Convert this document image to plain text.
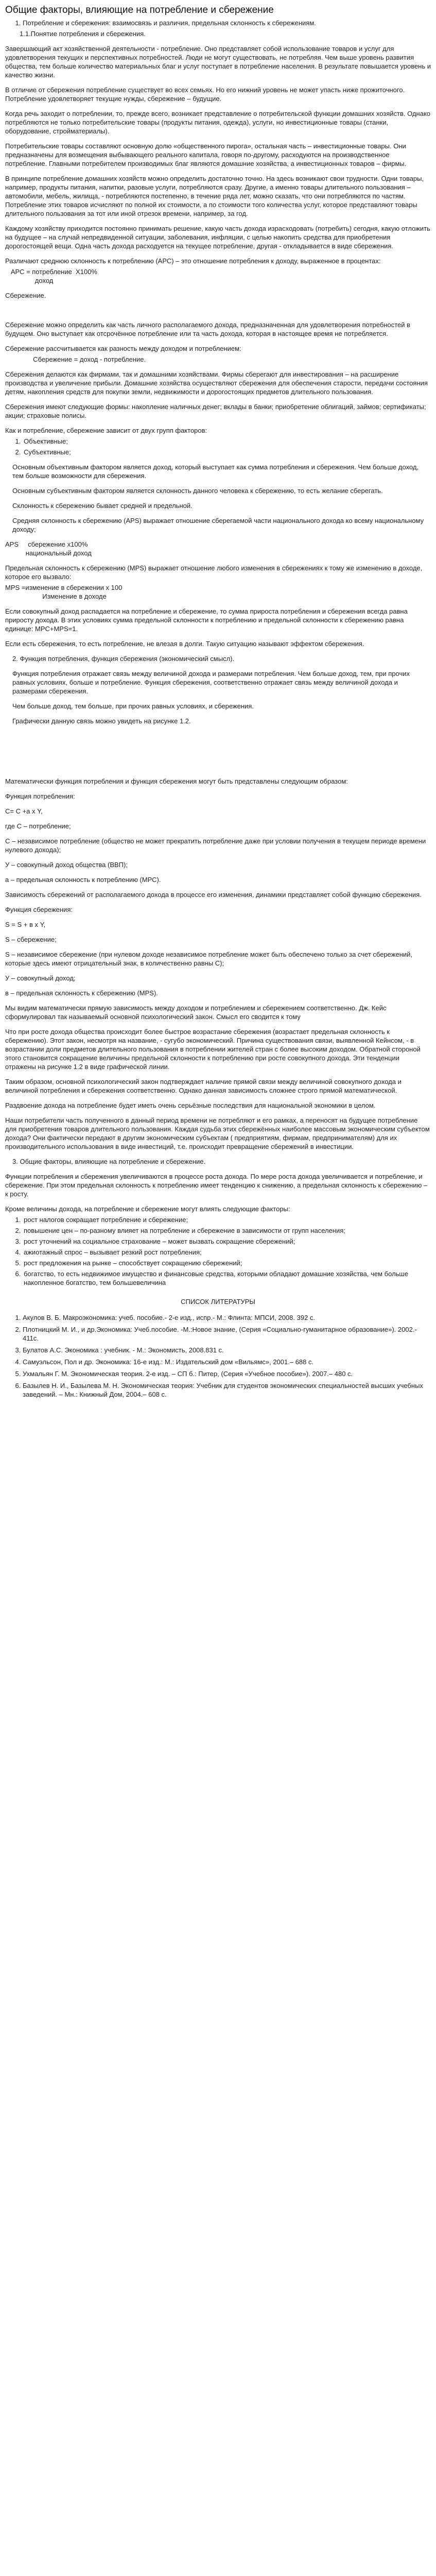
Общие факторы, влияющие на потребление и сбережение
1. Потребление и сбережения: взаимосвязь и различия, предельная склонность к сбережениям.
1.1.Понятие потребления и сбережения.
Завершающий акт хозяйственной деятельности - потребление. Оно представляет собой использование товаров и услуг для удовлетворения текущих и перспективных потребностей. Люди не могут существовать, не потребляя. Чем выше уровень развития общества, тем больше количество материальных благ и услуг поступает в потребление населения. В результате повышается уровень и качество жизни.
В отличие от сбережения потребление существует во всех семьях. Но его нижний уровень не может упасть ниже прожиточного. Потребление удовлетворяет текущие нужды, сбережение – будущие.
Когда речь заходит о потреблении, то, прежде всего, возникает представление о потребительской функции домашних хозяйств. Однако потребляются не только потребительские товары (продукты питания, одежда), услуги, но инвестиционные товары (станки, оборудование, стройматериалы).
Потребительские товары составляют основную долю «общественного пирога», остальная часть – инвестиционные товары. Они предназначены для возмещения выбывающего реального капитала, говоря по-другому, расходуются на производственное потребление. Главными потребителем производимых благ являются домашние хозяйства, а инвестиционных товаров – фирмы.
В принципе потребление домашних хозяйств можно определить достаточно точно. На здесь возникают свои трудности. Одни товары, например, продукты питания, напитки, разовые услуги, потребляются сразу. Другие, а именно товары длительного пользования – автомобили, мебель, жилища, - потребляются постепенно, в течение ряда лет, можно сказать, что они потребляются по частям. Потребление этих товаров исчисляют по полной их стоимости, а по стоимости того количества услуг, которое представляют товары длительного пользования за тот или иной отрезок времени, например, за год.
Каждому хозяйству приходится постоянно принимать решение, какую часть дохода израсходовать (потребить) сегодня, какую отложить на будущее – на случай непредвиденной ситуации, заболевания, инфляции, с целью накопить средства для приобретения дорогостоящей вещи. Одна часть дохода расходуется на текущее потребление, другая - откладывается в виде сбережения.
Различают среднюю склонность к потреблению (АРС) – это отношение потребления к доходу, выраженное в процентах:
АРС = потребление  Х100%
доход
Сбережение.
Сбережение можно определить как часть личного располагаемого дохода, предназначенная для удовлетворения потребностей в будущем. Оно выступает как отсрочённое потребление или та часть дохода, которая в настоящее время не потребляется.
Сбережение рассчитывается как разность между доходом и потреблением:
Сбережение = доход - потребление.
Сбережения делаются как фирмами, так и домашними хозяйствами. Фирмы сберегают для инвестирования – на расширение производства и увеличение прибыли. Домашние хозяйства осуществляют сбережения для обеспечения старости, передачи состояния детям, накопления средств для покупки земли, недвижимости и дорогостоящих предметов длительного пользования.
Сбережения имеют следующие формы: накопление наличных денег; вклады в банки; приобретение облигаций, займов; сертификаты; акции; страховые полисы.
Как и потребление, сбережение зависит от двух групп факторов:
1. Объективные;
2. Субъективные;
Основным объективным фактором является доход, который выступает как сумма потребления и сбережения. Чем больше доход, тем больше возможности для сбережения.
Основным субъективным фактором является склонность данного человека к сбережению, то есть желание сберегать.
Склонность к сбережению бывает средней и предельной.
Средняя склонность к сбережению (APS) выражает отношение сберегаемой части национального дохода ко всему национальному доходу;
APS     сбережение х100%
национальный доход
Предельная склонность к сбережению (MPS) выражает отношение любого изменения в сбережениях к тому же изменению в доходе, которое его вызвало:
MPS =изменение в сбережении х 100
Изменение в доходе
Если совокупный доход распадается на потребление и сбережение, то сумма прироста потребления и сбережения всегда равна приросту дохода. В этих условиях сумма предельной склонности к потреблению и предельной склонности к сбережению равна единице: MPC+MPS=1.
Если есть сбережения, то есть потребление, не влезая в долги. Такую ситуацию называют эффектом сбережения.
2. Функция потребления, функция сбережения (экономический смысл).
Функция потребления отражает связь между величиной дохода и размерами потребления. Чем больше доход, тем, при прочих равных условиях, больше и потребление. Функция сбережения, соответственно отражает связь между величиной дохода и размерами сбережения.
Чем больше доход, тем больше, при прочих равных условиях, и сбережения.
Графически данную связь можно увидеть на рисунке 1.2.
Математически функция потребления и функция сбережения могут быть представлены следующим образом:
Функция потребления:
C= C +a х Y,
где С – потребление;
С – независимое потребление (общество не может прекратить потребление даже при условии получения в текущем периоде времени нулевого дохода);
У – совокупный доход общества (ВВП);
а – предельная склонность к потреблению (МРС).
Зависимость сбережений от располагаемого дохода в процессе его изменения, динамики представляет собой функцию сбережения.
Функция сбережения:
S = S + в х Y,
S – сбережение;
S – независимое сбережение (при нулевом доходе независимое потребление может быть обеспечено только за счет сбережений, которые здесь имеют отрицательный знак, в количественно равны С);
У – совокупный доход;
в – предельная склонность к сбережению (MPS).
Мы видим математически прямую зависимость между доходом и потреблением и сбережением соответственно. Дж. Кейс сформулировал так называемый основной психологический закон. Смысл его сводится к тому
Что при росте дохода общества происходит более быстрое возрастание сбережения (возрастает предельная склонность к сбережению). Этот закон, несмотря на название, - сугубо экономический. Причина существования связи, выявленной Кейнсом, - в возрастании доли предметов длительного пользования в потреблении жителей стран с более высоким доходом. Обратной стороной этого становится сокращение величины предельной склонности к потреблению при росте совокупного дохода. Эти тенденции отражены на рисунке 1.2 в виде графической линии.
Таким образом, основной психологический закон подтверждает наличие прямой связи между величиной совокупного дохода и величиной потребления и сбережения соответственно. Однако данная зависимость сложнее строго прямой математической.
Раздвоение дохода на потребление будет иметь очень серьёзные последствия для национальной экономики в целом.
Наши потребители часть полученного в данный период времени не потребляют и его рамках, а переносят на будущее потребление для приобретения товаров длительного пользования. Каждая судьба этих сбережённых наиболее массовым экономическим субъектом дохода? Они фактически передают в другим экономическим субъектам ( предприятиям, фирмам, предпринимателям) для их производительного использования в виде инвестиций, т.е. происходит превращение сбережений в инвестиции.
3. Общие факторы, влияющие на потребление и сбережение.
Функции потребления и сбережения увеличиваются в процессе роста дохода. По мере роста дохода увеличивается и потребление, и сбережение. При этом предельная склонность к потреблению имеет тенденцию к снижению, а предельная склонность к сбережению – к росту.
Кроме величины дохода, на потребление и сбережение могут влиять следующие факторы:
1. рост налогов сокращает потребление и сбережение;
2. повышение цен – по-разному влияет на потребление и сбережение в зависимости от групп населения;
3. рост уточнений на социальное страхование – может вызвать сокращение сбережений;
4. ажиотажный спрос – вызывает резкий рост потребления;
5. рост предложения на рынке – способствует сокращению сбережений;
6. богатство, то есть недвижимое имущество и финансовые средства, которыми обладают домашние хозяйства, чем больше накопленное богатство, тем большевеличина
СПИСОК ЛИТЕРАТУРЫ
1. Акулов В. Б. Макроэкономика: учеб. пособие.- 2-е изд., испр.- М.: Флинта: МПСИ, 2008. 392 с.
2. Плотницкий М. И., и др.Экономика: Учеб.пособие. -М.:Новое знание, (Серия «Социально-гуманитарное образование»). 2002.- 411с.
3. Булатов А.С. Экономика : учебник. - М.: Экономисть, 2008.831 с.
4. Самуэльсон, Пол и др. Экономика: 16-е изд.: М.: Издательский дом «Вильямс», 2001.– 688 с.
5. Ухмальян Г. М. Экономическая теория. 2-е изд. – СП б.: Питер, (Серия «Учебное пособие»). 2007.– 480 с.
6. Базылев Н. И., Базылева М. Н. Экономическая теория: Учебник для студентов экономических специальностей высших учебных заведений. – Мн.: Книжный Дом, 2004.– 608 с.
